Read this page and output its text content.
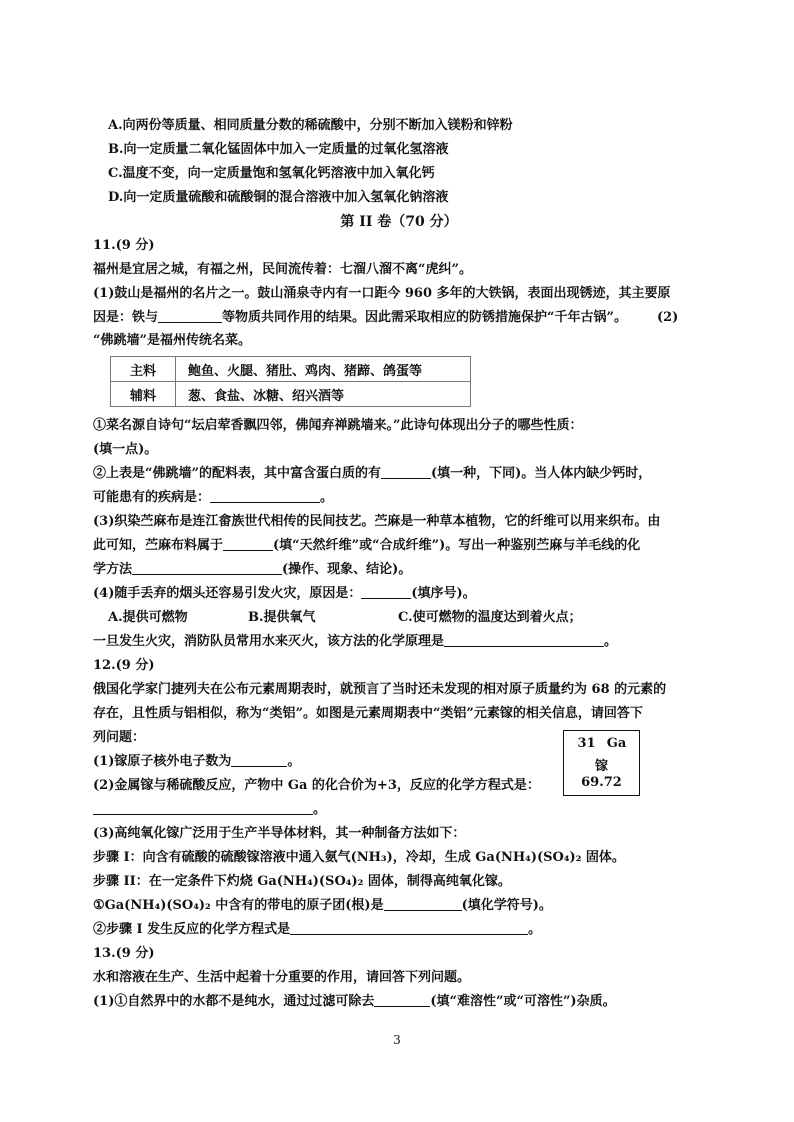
A.向两份等质量、相同质量分数的稀硫酸中，分别不断加入镁粉和锌粉
B.向一定质量二氧化锰固体中加入一定质量的过氧化氢溶液
C.温度不变，向一定质量饱和氢氧化钙溶液中加入氧化钙
D.向一定质量硫酸和硫酸铜的混合溶液中加入氢氧化钠溶液
第 II 卷（70 分）
11.(9 分)
福州是宜居之城，有福之州，民间流传着：七溜八溜不离“虎纠”。
(1)鼓山是福州的名片之一。鼓山涌泉寺内有一口距今 960 多年的大铁锅，表面出现锈迹，其主要原
因是：铁与	等物质共同作用的结果。因此需采取相应的防锈措施保护“千年古锅”。 (2)
“佛跳墙”是福州传统名菜。
主料	鲍鱼、火腿、猪肚、鸡肉、猪蹄、鸽蛋等
辅料	葱、食盐、冰糖、绍兴酒等
①菜名源自诗句“坛启荤香飘四邻，佛闻弃禅跳墙来。”此诗句体现出分子的哪些性质：
(填一点)。
②上表是“佛跳墙”的配料表，其中富含蛋白质的有	(填一种，下同)。当人体内缺少钙时，
可能患有的疾病是：	。
(3)织染苎麻布是连江畲族世代相传的民间技艺。苎麻是一种草本植物，它的纤维可以用来织布。由
此可知，苎麻布料属于	(填“天然纤维”或“合成纤维”)。写出一种鉴别苎麻与羊毛线的化
学方法	(操作、现象、结论)。
(4)随手丢弃的烟头还容易引发火灾，原因是：	(填序号)。
A.提供可燃物	B.提供氧气	C.使可燃物的温度达到着火点；
一旦发生火灾，消防队员常用水来灭火，该方法的化学原理是	。
12.(9 分)
俄国化学家门捷列夫在公布元素周期表时，就预言了当时还未发现的相对原子质量约为 68 的元素的
存在，且性质与铝相似，称为“类铝”。如图是元素周期表中“类铝”元素镓的相关信息，请回答下
列问题：
(1)镓原子核外电子数为	。
(2)金属镓与稀硫酸反应，产物中 Ga 的化合价为+3，反应的化学方程式是：
。
31 Ga
镓
69.72
(3)高纯氧化镓广泛用于生产半导体材料，其一种制备方法如下：
步骤 I：向含有硫酸的硫酸镓溶液中通入氨气(NH₃)，冷却，生成 Ga(NH₄)(SO₄)₂ 固体。
步骤 II：在一定条件下灼烧 Ga(NH₄)(SO₄)₂ 固体，制得高纯氧化镓。
①Ga(NH₄)(SO₄)₂ 中含有的带电的原子团(根)是	(填化学符号)。
②步骤 I 发生反应的化学方程式是	。
13.(9 分)
水和溶液在生产、生活中起着十分重要的作用，请回答下列问题。
(1)①自然界中的水都不是纯水，通过过滤可除去	(填“难溶性”或“可溶性”)杂质。
3
